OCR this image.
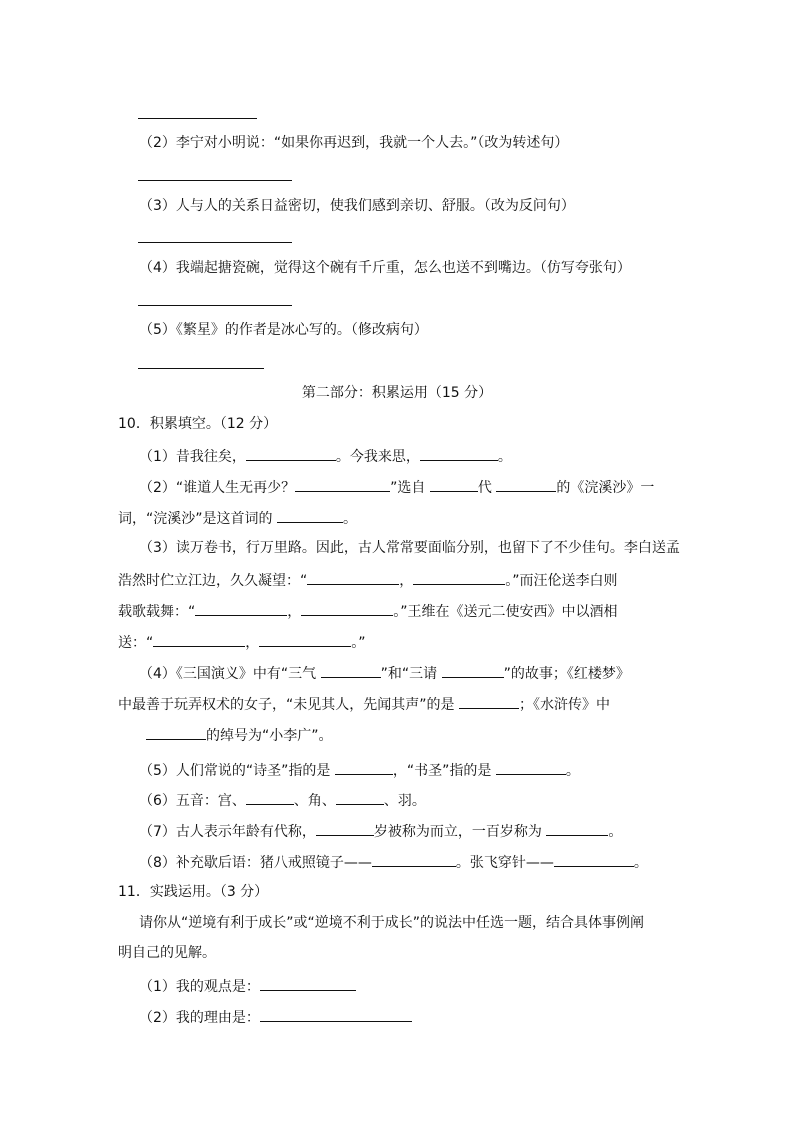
（2）李宁对小明说：“如果你再迟到，我就一个人去。”（改为转述句）
（3）人与人的关系日益密切，使我们感到亲切、舒服。（改为反问句）
（4）我端起搪瓷碗，觉得这个碗有千斤重，怎么也送不到嘴边。（仿写夸张句）
（5）《繁星》的作者是冰心写的。（修改病句）
第二部分：积累运用（15 分）
10．积累填空。（12 分）
（1）昔我往矣，	。今我来思，	。
（2）“谁道人生无再少？	”选自	代	的《浣溪沙》一
词，“浣溪沙”是这首词的	。
（3）读万卷书，行万里路。因此，古人常常要面临分别，也留下了不少佳句。李白送孟
浩然时伫立江边，久久凝望：“	，	。”而汪伦送李白则
载歌载舞：“	，	。”王维在《送元二使安西》中以酒相
送：“	，	。”
（4）《三国演义》中有“三气	”和“三请	”的故事；《红楼梦》
中最善于玩弄权术的女子，“未见其人，先闻其声”的是	；《水浒传》中
的绰号为“小李广”。
（5）人们常说的“诗圣”指的是	，“书圣”指的是	。
（6）五音：宫、	、角、	、羽。
（7）古人表示年龄有代称，	岁被称为而立，一百岁称为	。
（8）补充歇后语：猪八戒照镜子——	。张飞穿针——	。
11．实践运用。（3 分）
请你从“逆境有利于成长”或“逆境不利于成长”的说法中任选一题，结合具体事例阐
明自己的见解。
（1）我的观点是：
（2）我的理由是：
